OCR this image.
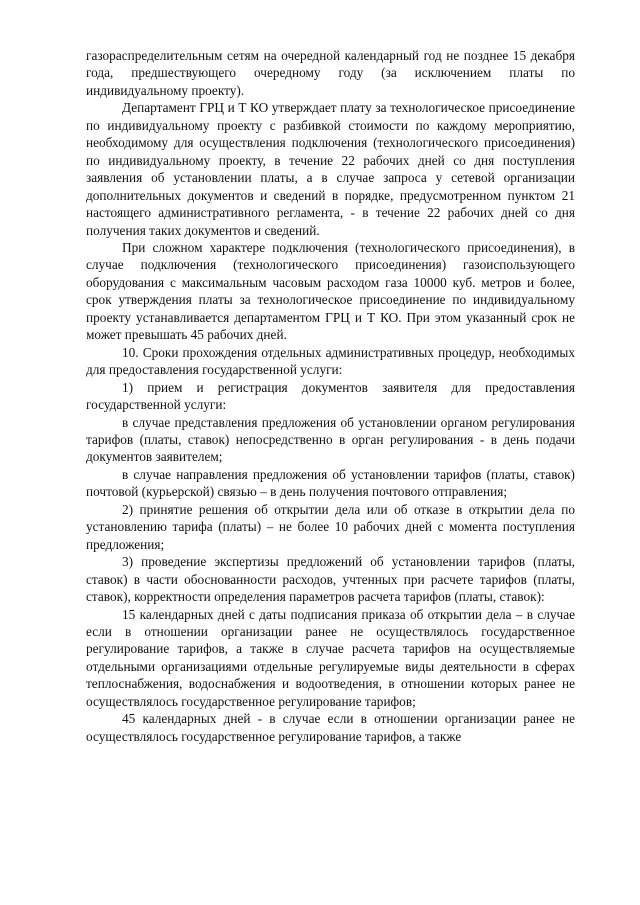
газораспределительным сетям на очередной календарный год не позднее 15 декабря года, предшествующего очередному году (за исключением платы по индивидуальному проекту).

Департамент ГРЦ и Т КО утверждает плату за технологическое присоединение по индивидуальному проекту с разбивкой стоимости по каждому мероприятию, необходимому для осуществления подключения (технологического присоединения) по индивидуальному проекту, в течение 22 рабочих дней со дня поступления заявления об установлении платы, а в случае запроса у сетевой организации дополнительных документов и сведений в порядке, предусмотренном пунктом 21 настоящего административного регламента, - в течение 22 рабочих дней со дня получения таких документов и сведений.

При сложном характере подключения (технологического присоединения), в случае подключения (технологического присоединения) газоиспользующего оборудования с максимальным часовым расходом газа 10000 куб. метров и более, срок утверждения платы за технологическое присоединение по индивидуальному проекту устанавливается департаментом ГРЦ и Т КО. При этом указанный срок не может превышать 45 рабочих дней.

10. Сроки прохождения отдельных административных процедур, необходимых для предоставления государственной услуги:

1) прием и регистрация документов заявителя для предоставления государственной услуги:

в случае представления предложения об установлении органом регулирования тарифов (платы, ставок) непосредственно в орган регулирования - в день подачи документов заявителем;

в случае направления предложения об установлении тарифов (платы, ставок) почтовой (курьерской) связью – в день получения почтового отправления;

2) принятие решения об открытии дела или об отказе в открытии дела по установлению тарифа (платы) – не более 10 рабочих дней с момента поступления предложения;

3) проведение экспертизы предложений об установлении тарифов (платы, ставок) в части обоснованности расходов, учтенных при расчете тарифов (платы, ставок), корректности определения параметров расчета тарифов (платы, ставок):

15 календарных дней с даты подписания приказа об открытии дела – в случае если в отношении организации ранее не осуществлялось государственное регулирование тарифов, а также в случае расчета тарифов на осуществляемые отдельными организациями отдельные регулируемые виды деятельности в сферах теплоснабжения, водоснабжения и водоотведения, в отношении которых ранее не осуществлялось государственное регулирование тарифов;

45 календарных дней - в случае если в отношении организации ранее не осуществлялось государственное регулирование тарифов, а также
